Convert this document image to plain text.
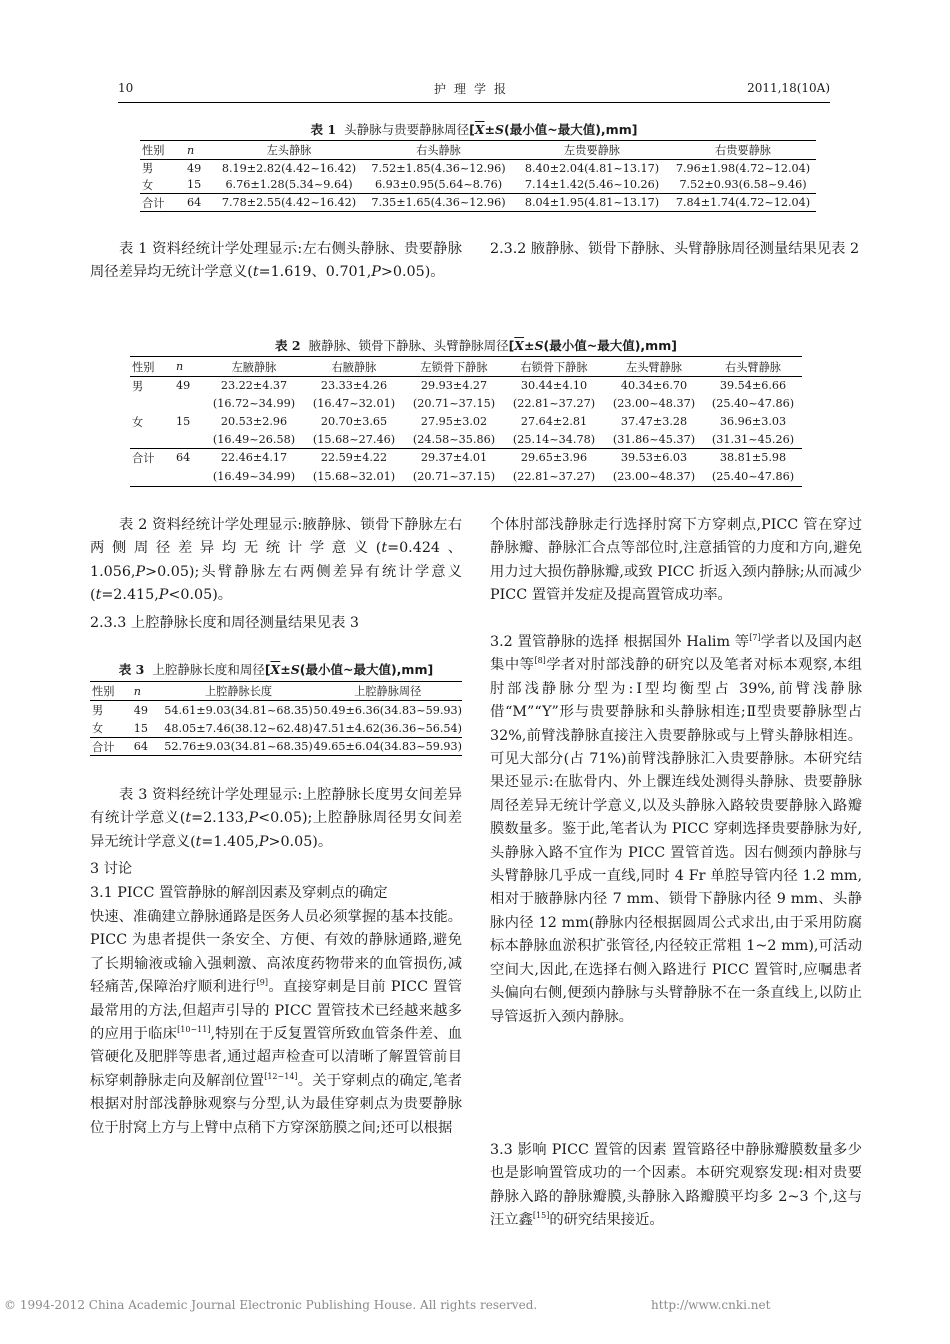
10	护理学报	2011,18(10A)
表 1 头静脉与贵要静脉周径[$\overline{X}\pm S$(最小值~最大值),mm]
性别	n	左头静脉	右头静脉	左贵要静脉	右贵要静脉
男	49	8.19±2.82(4.42~16.42)	7.52±1.85(4.36~12.96)	8.40±2.04(4.81~13.17)	7.96±1.98(4.72~12.04)
女	15	6.76±1.28(5.34~9.64)	6.93±0.95(5.64~8.76)	7.14±1.42(5.46~10.26)	7.52±0.93(6.58~9.46)
合计	64	7.78±2.55(4.42~16.42)	7.35±1.65(4.36~12.96)	8.04±1.95(4.81~13.17)	7.84±1.74(4.72~12.04)

表 1 资料经统计学处理显示:左右侧头静脉、贵要静脉周径差异均无统计学意义(t=1.619、0.701,P>0.05)。

2.3.2 腋静脉、锁骨下静脉、头臂静脉周径测量结果见表 2

表 2 腋静脉、锁骨下静脉、头臂静脉周径[$\overline{X}\pm S$(最小值~最大值),mm]
性别	n	左腋静脉	右腋静脉	左锁骨下静脉	右锁骨下静脉	左头臂静脉	右头臂静脉
男	49	23.22±4.37	23.33±4.26	29.93±4.27	30.44±4.10	40.34±6.70	39.54±6.66
		(16.72~34.99)	(16.47~32.01)	(20.71~37.15)	(22.81~37.27)	(23.00~48.37)	(25.40~47.86)
女	15	20.53±2.96	20.70±3.65	27.95±3.02	27.64±2.81	37.47±3.28	36.96±3.03
		(16.49~26.58)	(15.68~27.46)	(24.58~35.86)	(25.14~34.78)	(31.86~45.37)	(31.31~45.26)
合计	64	22.46±4.17	22.59±4.22	29.37±4.01	29.65±3.96	39.53±6.03	38.81±5.98
		(16.49~34.99)	(15.68~32.01)	(20.71~37.15)	(22.81~37.27)	(23.00~48.37)	(25.40~47.86)

表 2 资料经统计学处理显示:腋静脉、锁骨下静脉左右两侧周径差异均无统计学意义(t=0.424、1.056,P>0.05);头臂静脉左右两侧差异有统计学意义(t=2.415,P<0.05)。

2.3.3 上腔静脉长度和周径测量结果见表 3

表 3 上腔静脉长度和周径[$\overline{X}\pm S$(最小值~最大值),mm]
性别	n	上腔静脉长度	上腔静脉周径
男	49	54.61±9.03(34.81~68.35)	50.49±6.36(34.83~59.93)
女	15	48.05±7.46(38.12~62.48)	47.51±4.62(36.36~56.54)
合计	64	52.76±9.03(34.81~68.35)	49.65±6.04(34.83~59.93)

表 3 资料经统计学处理显示:上腔静脉长度男女间差异有统计学意义(t=2.133,P<0.05);上腔静脉周径男女间差异无统计学意义(t=1.405,P>0.05)。

3 讨论

3.1 PICC 置管静脉的解剖因素及穿刺点的确定

快速、准确建立静脉通路是医务人员必须掌握的基本技能。PICC 为患者提供一条安全、方便、有效的静脉通路,避免了长期输液或输入强刺激、高浓度药物带来的血管损伤,减轻痛苦,保障治疗顺利进行[9]。直接穿刺是目前 PICC 置管最常用的方法,但超声引导的 PICC 置管技术已经越来越多的应用于临床[10~11],特别在于反复置管所致血管条件差、血管硬化及肥胖等患者,通过超声检查可以清晰了解置管前目标穿刺静脉走向及解剖位置[12~14]。关于穿刺点的确定,笔者根据对肘部浅静脉观察与分型,认为最佳穿刺点为贵要静脉位于肘窝上方与上臂中点稍下方穿深筋膜之间;还可以根据

个体肘部浅静脉走行选择肘窝下方穿刺点,PICC 管在穿过静脉瓣、静脉汇合点等部位时,注意插管的力度和方向,避免用力过大损伤静脉瓣,或致 PICC 折返入颈内静脉;从而减少 PICC 置管并发症及提高置管成功率。

3.2 置管静脉的选择 根据国外 Halim 等[7]学者以及国内赵集中等[8]学者对肘部浅静的研究以及笔者对标本观察,本组肘部浅静脉分型为:Ⅰ型均衡型占 39%,前臂浅静脉借“M”“Y”形与贵要静脉和头静脉相连;Ⅱ型贵要静脉型占 32%,前臂浅静脉直接注入贵要静脉或与上臂头静脉相连。可见大部分(占 71%)前臂浅静脉汇入贵要静脉。本研究结果还显示:在肱骨内、外上髁连线处测得头静脉、贵要静脉周径差异无统计学意义,以及头静脉入路较贵要静脉入路瓣膜数量多。鉴于此,笔者认为 PICC 穿刺选择贵要静脉为好,头静脉入路不宜作为 PICC 置管首选。因右侧颈内静脉与头臂静脉几乎成一直线,同时 4 Fr 单腔导管内径 1.2 mm,相对于腋静脉内径 7 mm、锁骨下静脉内径 9 mm、头静脉内径 12 mm(静脉内径根据圆周公式求出,由于采用防腐标本静脉血淤积扩张管径,内径较正常粗 1~2 mm),可活动空间大,因此,在选择右侧入路进行 PICC 置管时,应嘱患者头偏向右侧,便颈内静脉与头臂静脉不在一条直线上,以防止导管返折入颈内静脉。

3.3 影响 PICC 置管的因素 置管路径中静脉瓣膜数量多少也是影响置管成功的一个因素。本研究观察发现:相对贵要静脉入路的静脉瓣膜,头静脉入路瓣膜平均多 2~3 个,这与汪立鑫[15]的研究结果接近。

© 1994-2012 China Academic Journal Electronic Publishing House. All rights reserved.	http://www.cnki.net
